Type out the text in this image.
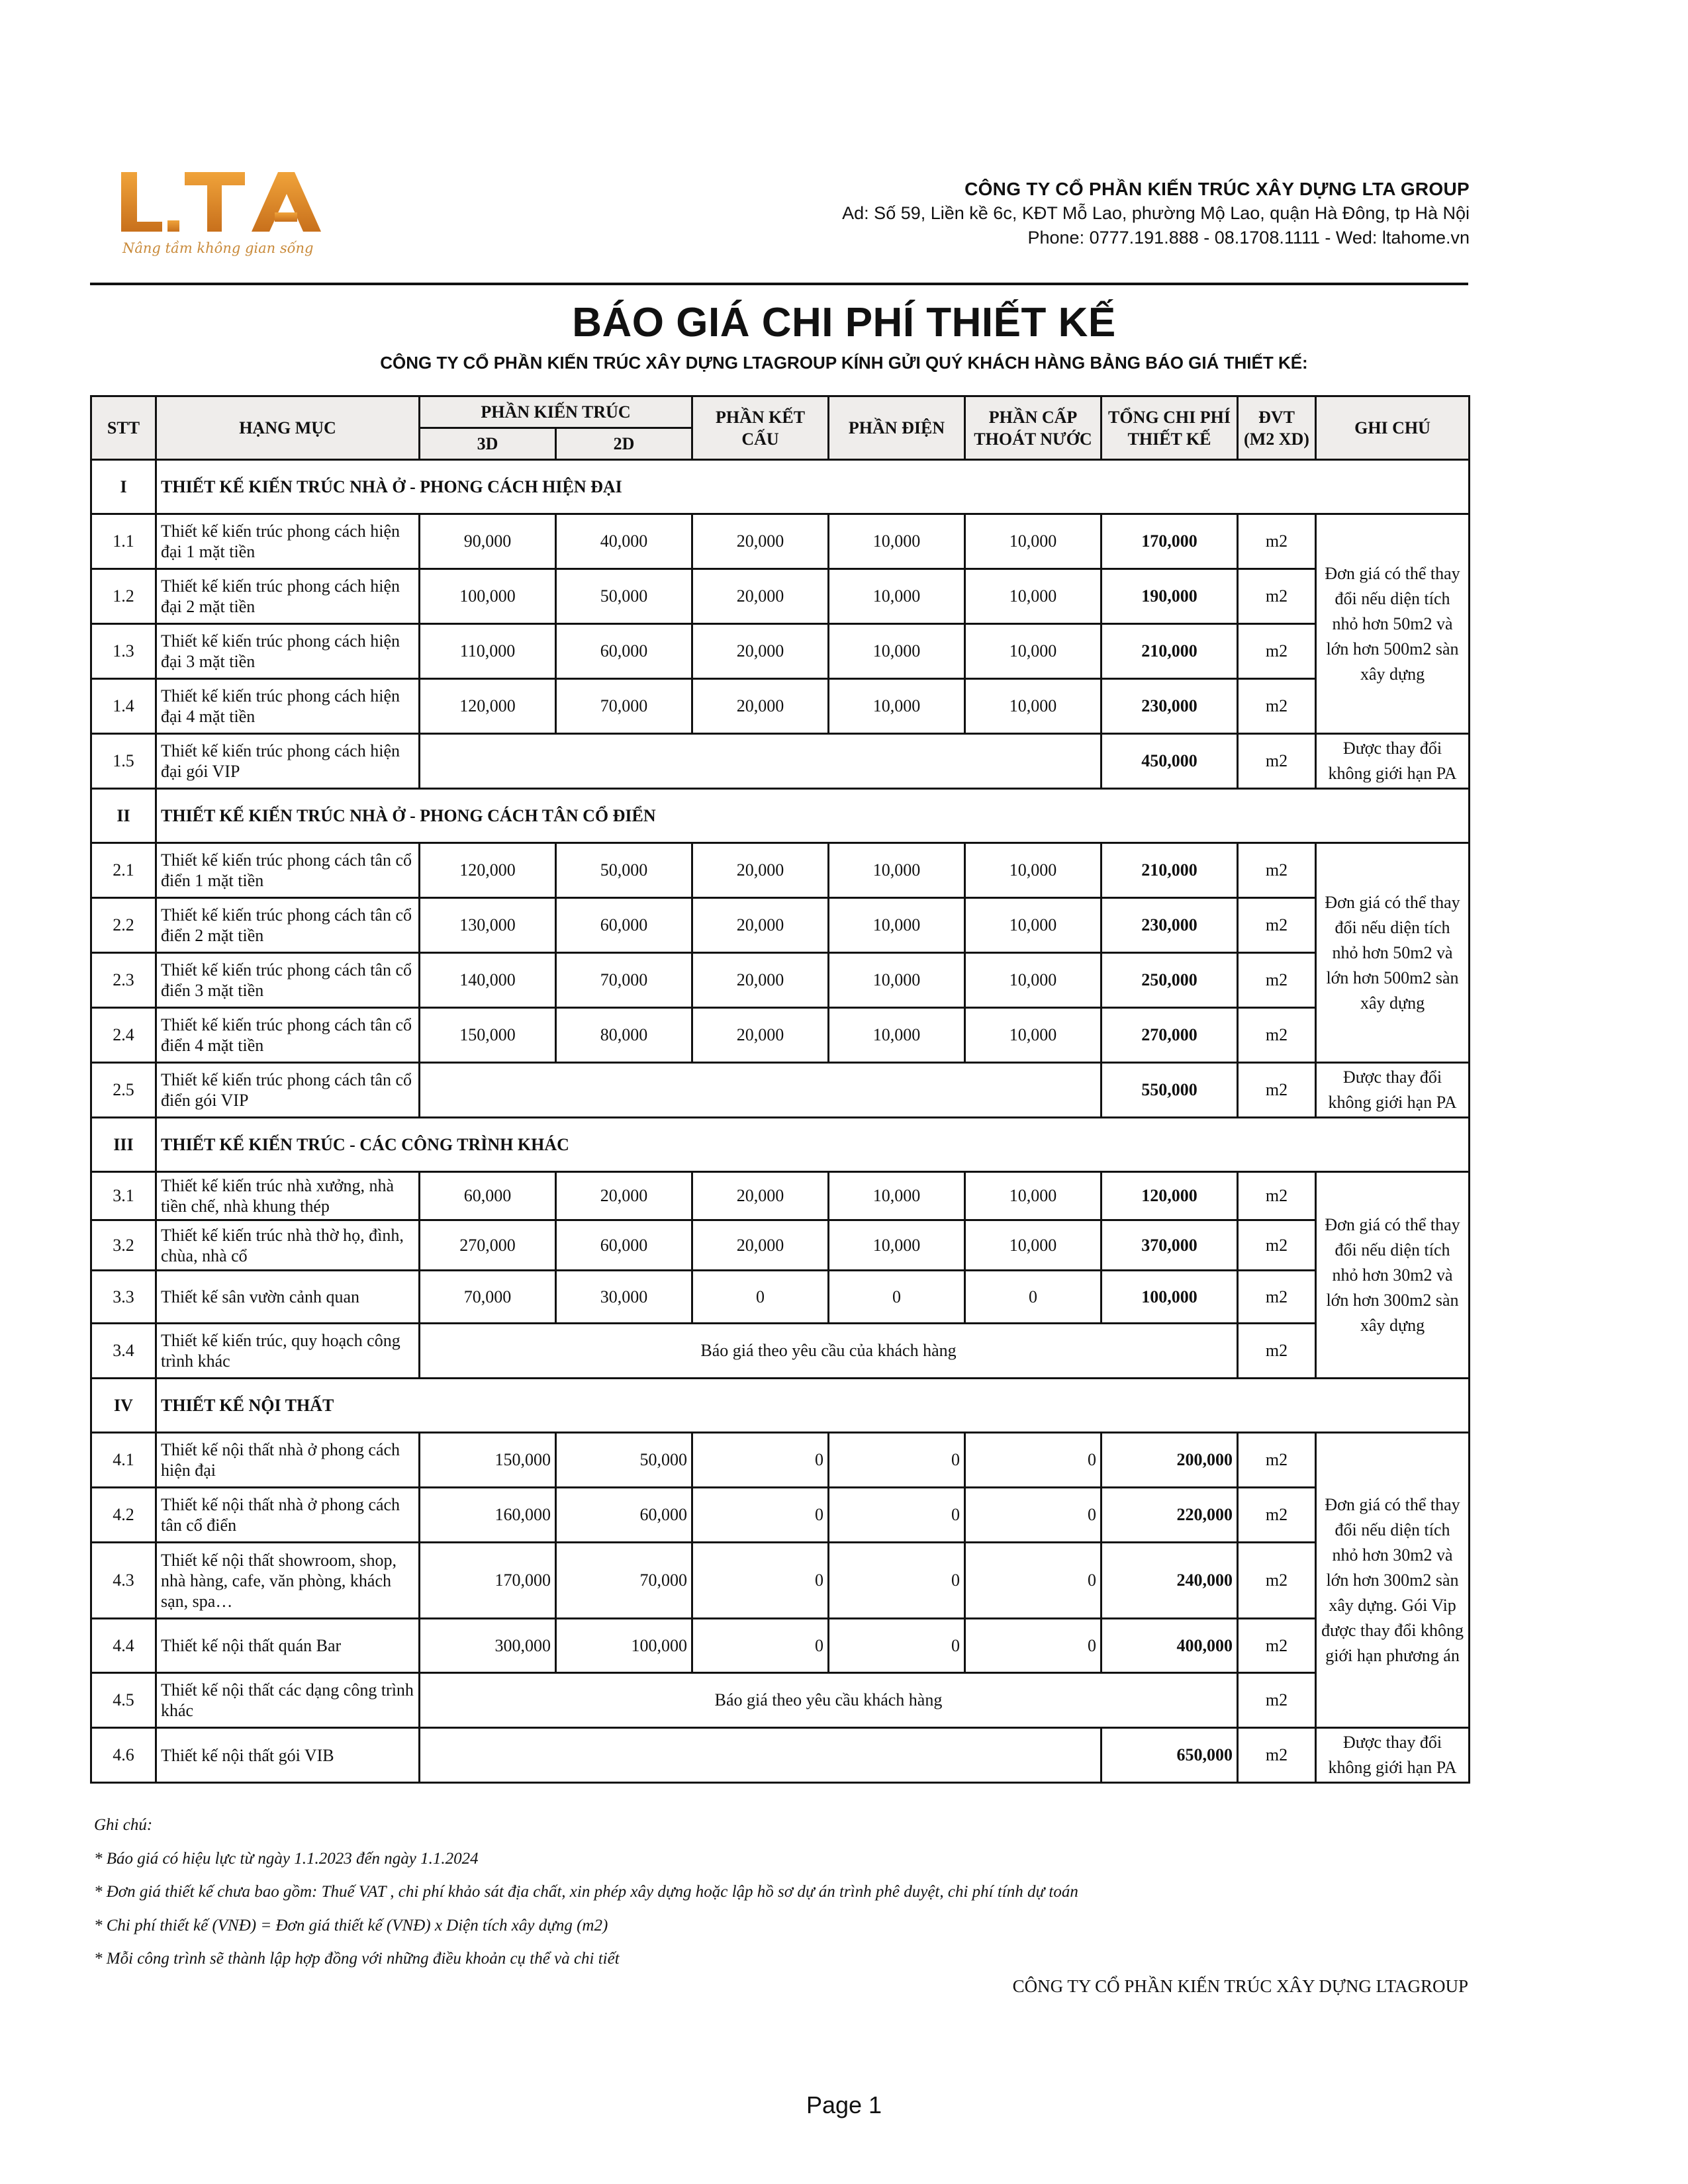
Nâng tầm không gian sống
CÔNG TY CỔ PHẦN KIẾN TRÚC XÂY DỰNG LTA GROUP
Ad: Số 59, Liền kề 6c, KĐT Mỗ Lao, phường Mộ Lao, quận Hà Đông, tp Hà Nội
Phone: 0777.191.888 - 08.1708.1111 - Wed: ltahome.vn
BÁO GIÁ CHI PHÍ THIẾT KẾ
CÔNG TY CỔ PHẦN KIẾN TRÚC XÂY DỰNG LTAGROUP KÍNH GỬI QUÝ KHÁCH HÀNG BẢNG BÁO GIÁ THIẾT KẾ:
STT	HẠNG MỤC	PHẦN KIẾN TRÚC		PHẦN KẾT CẤU	PHẦN ĐIỆN	PHẦN CẤP THOÁT NƯỚC	TỔNG CHI PHÍ THIẾT KẾ	ĐVT (M2 XD)	GHI CHÚ
		3D	2D						
I	THIẾT KẾ KIẾN TRÚC NHÀ Ở - PHONG CÁCH HIỆN ĐẠI								
1.1	Thiết kế kiến trúc phong cách hiện đại 1 mặt tiền	90,000	40,000	20,000	10,000	10,000	170,000	m2	Đơn giá có thể thay đổi nếu diện tích nhỏ hơn 50m2 và lớn hơn 500m2 sàn xây dựng
1.2	Thiết kế kiến trúc phong cách hiện đại 2 mặt tiền	100,000	50,000	20,000	10,000	10,000	190,000	m2	
1.3	Thiết kế kiến trúc phong cách hiện đại 3 mặt tiền	110,000	60,000	20,000	10,000	10,000	210,000	m2	
1.4	Thiết kế kiến trúc phong cách hiện đại 4 mặt tiền	120,000	70,000	20,000	10,000	10,000	230,000	m2	
1.5	Thiết kế kiến trúc phong cách hiện đại gói VIP						450,000	m2	Được thay đổi không giới hạn PA
II	THIẾT KẾ KIẾN TRÚC NHÀ Ở - PHONG CÁCH TÂN CỔ ĐIỂN								
2.1	Thiết kế kiến trúc phong cách tân cổ điển 1 mặt tiền	120,000	50,000	20,000	10,000	10,000	210,000	m2	Đơn giá có thể thay đổi nếu diện tích nhỏ hơn 50m2 và lớn hơn 500m2 sàn xây dựng
2.2	Thiết kế kiến trúc phong cách tân cổ điển 2 mặt tiền	130,000	60,000	20,000	10,000	10,000	230,000	m2	
2.3	Thiết kế kiến trúc phong cách tân cổ điển 3 mặt tiền	140,000	70,000	20,000	10,000	10,000	250,000	m2	
2.4	Thiết kế kiến trúc phong cách tân cổ điển 4 mặt tiền	150,000	80,000	20,000	10,000	10,000	270,000	m2	
2.5	Thiết kế kiến trúc phong cách tân cổ điển gói VIP						550,000	m2	Được thay đổi không giới hạn PA
III	THIẾT KẾ KIẾN TRÚC - CÁC CÔNG TRÌNH KHÁC								
3.1	Thiết kế kiến trúc nhà xưởng, nhà tiền chế, nhà khung thép	60,000	20,000	20,000	10,000	10,000	120,000	m2	Đơn giá có thể thay đổi nếu diện tích nhỏ hơn 30m2 và lớn hơn 300m2 sàn xây dựng
3.2	Thiết kế kiến trúc nhà thờ họ, đình, chùa, nhà cổ	270,000	60,000	20,000	10,000	10,000	370,000	m2	
3.3	Thiết kế sân vườn cảnh quan	70,000	30,000	0	0	0	100,000	m2	
3.4	Thiết kế kiến trúc, quy hoạch công trình khác	Báo giá theo yêu cầu của khách hàng						m2	
IV	THIẾT KẾ NỘI THẤT								
4.1	Thiết kế nội thất nhà ở phong cách hiện đại	150,000	50,000	0	0	0	200,000	m2	Đơn giá có thể thay đổi nếu diện tích nhỏ hơn 30m2 và lớn hơn 300m2 sàn xây dựng. Gói Vip được thay đổi không giới hạn phương án
4.2	Thiết kế nội thất nhà ở phong cách tân cổ điển	160,000	60,000	0	0	0	220,000	m2	
4.3	Thiết kế nội thất showroom, shop, nhà hàng, cafe, văn phòng, khách sạn, spa…	170,000	70,000	0	0	0	240,000	m2	
4.4	Thiết kế nội thất quán Bar	300,000	100,000	0	0	0	400,000	m2	
4.5	Thiết kế nội thất các dạng công trình khác	Báo giá theo yêu cầu khách hàng						m2	
4.6	Thiết kế nội thất gói VIB						650,000	m2	Được thay đổi không giới hạn PA
Ghi chú:
* Báo giá có hiệu lực từ ngày 1.1.2023 đến ngày 1.1.2024
* Đơn giá thiết kế chưa bao gồm: Thuế VAT , chi phí khảo sát địa chất, xin phép xây dựng hoặc lập hồ sơ dự án trình phê duyệt, chi phí tính dự toán
* Chi phí thiết kế (VNĐ) = Đơn giá thiết kế (VNĐ) x Diện tích xây dựng (m2)
* Mỗi công trình sẽ thành lập hợp đồng với những điều khoản cụ thể và chi tiết
CÔNG TY CỔ PHẦN KIẾN TRÚC XÂY DỰNG LTAGROUP
Page 1
